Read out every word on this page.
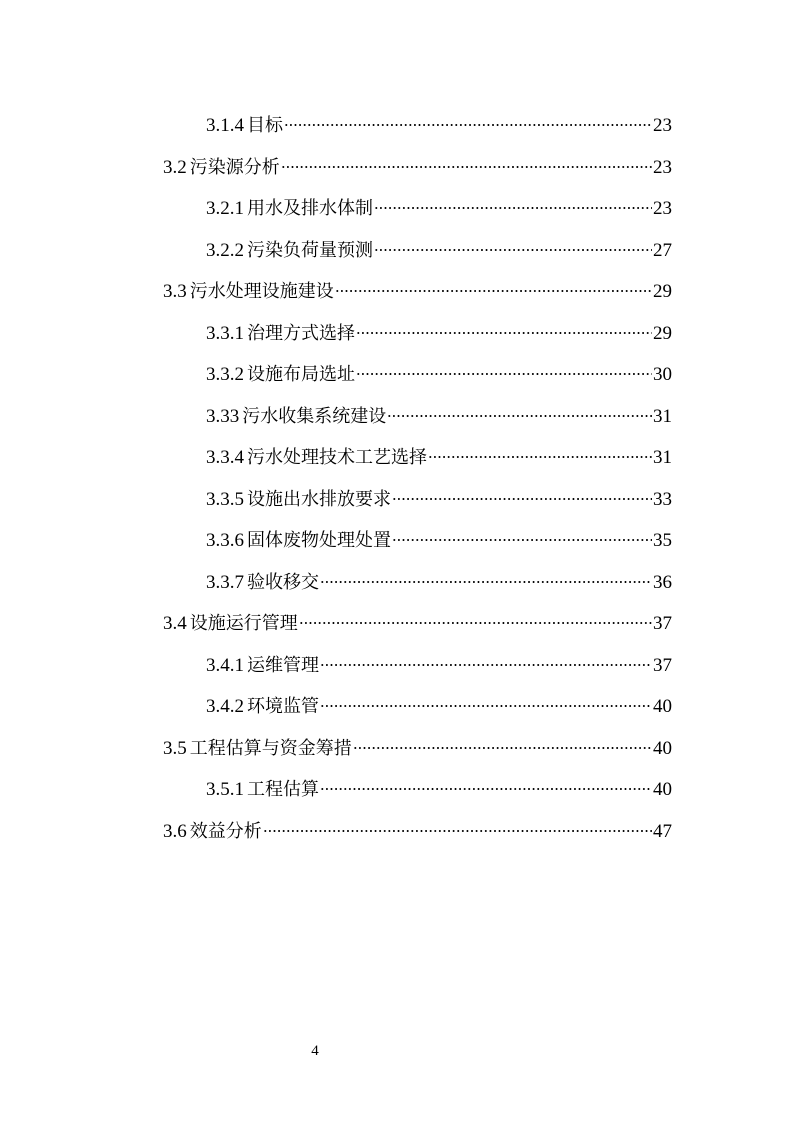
3.1.4 目标	23
3.2 污染源分析	23
3.2.1 用水及排水体制	23
3.2.2 污染负荷量预测	27
3.3 污水处理设施建设	29
3.3.1 治理方式选择	29
3.3.2 设施布局选址	30
3.33 污水收集系统建设	31
3.3.4 污水处理技术工艺选择	31
3.3.5 设施出水排放要求	33
3.3.6 固体废物处理处置	35
3.3.7 验收移交	36
3.4 设施运行管理	37
3.4.1 运维管理	37
3.4.2 环境监管	40
3.5 工程估算与资金筹措	40
3.5.1 工程估算	40
3.6 效益分析	47
4
